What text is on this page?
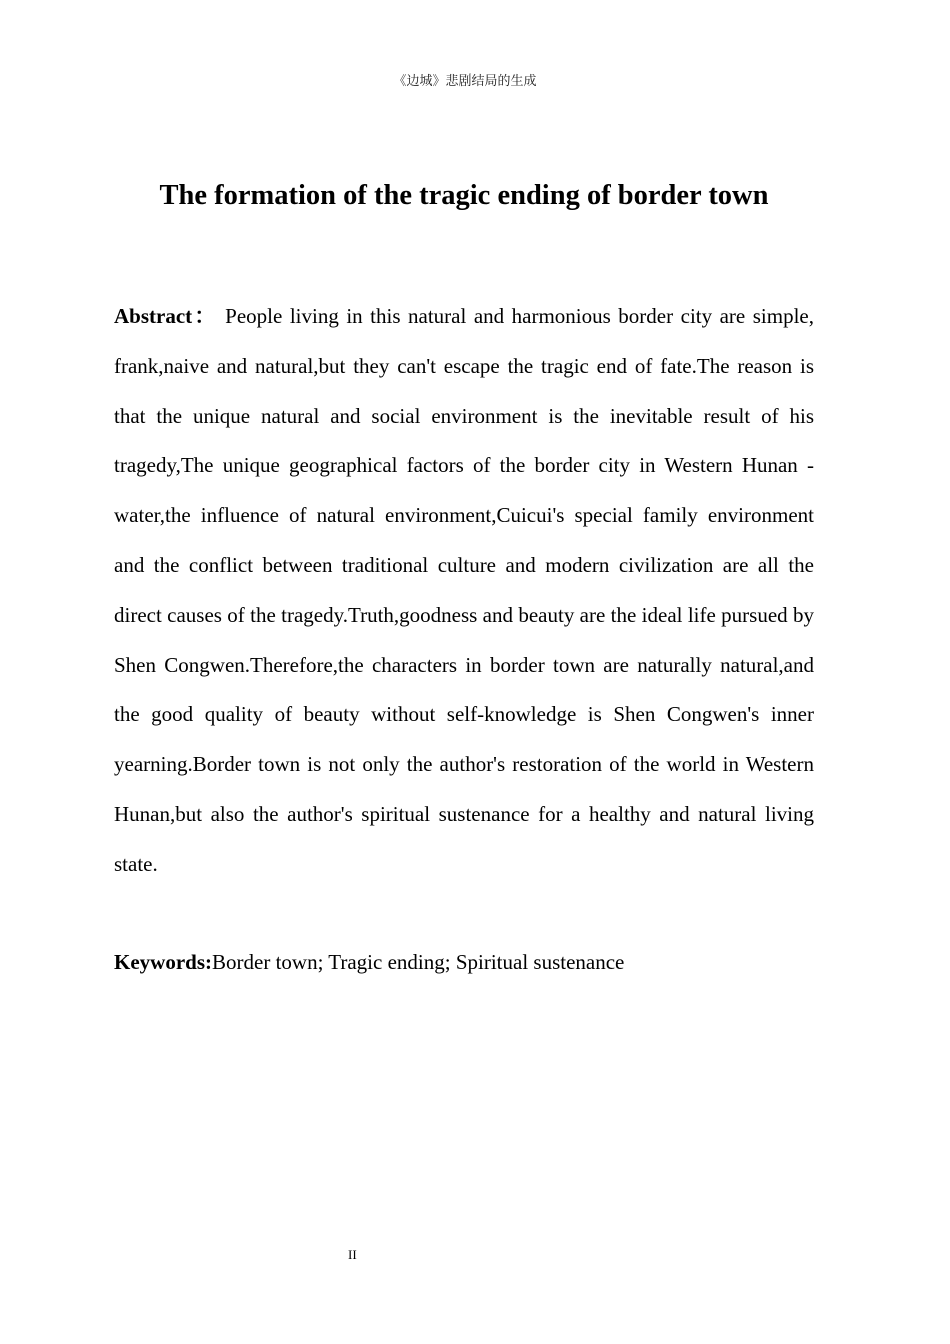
《边城》悲剧结局的生成
The formation of the tragic ending of border town

Abstract： People living in this natural and harmonious border city are simple, frank,naive and natural,but they can't escape the tragic end of fate.The reason is that the unique natural and social environment is the inevitable result of his tragedy,The unique geographical factors of the border city in Western Hunan - water,the influence of natural environment,Cuicui's special family environment and the conflict between traditional culture and modern civilization are all the direct causes of the tragedy.Truth,goodness and beauty are the ideal life pursued by Shen Congwen.Therefore,the characters in border town are naturally natural,and the good quality of beauty without self-knowledge is Shen Congwen's inner yearning.Border town is not only the author's restoration of the world in Western Hunan,but also the author's spiritual sustenance for a healthy and natural living state.

Keywords:Border town; Tragic ending; Spiritual sustenance

II
